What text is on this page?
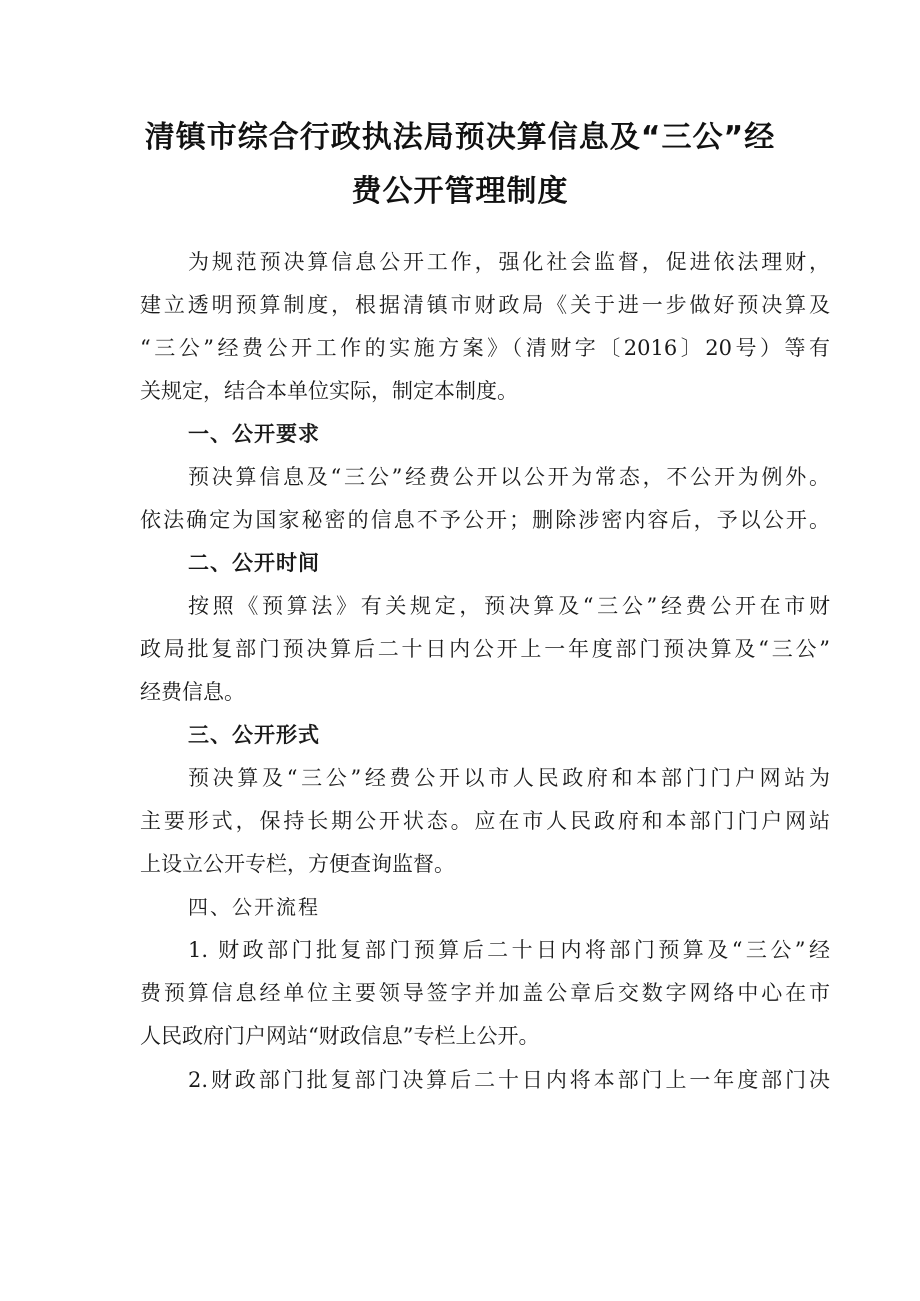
清镇市综合行政执法局预决算信息及“三公”经
费公开管理制度
为规范预决算信息公开工作，强化社会监督，促进依法理财，
建立透明预算制度，根据清镇市财政局《关于进一步做好预决算及
“三公”经费公开工作的实施方案》（清财字〔2016〕20号）等有
关规定，结合本单位实际，制定本制度。
一、公开要求
预决算信息及“三公”经费公开以公开为常态，不公开为例外。
依法确定为国家秘密的信息不予公开；删除涉密内容后，予以公开。
二、公开时间
按照《预算法》有关规定，预决算及“三公”经费公开在市财
政局批复部门预决算后二十日内公开上一年度部门预决算及“三公”
经费信息。
三、公开形式
预决算及“三公”经费公开以市人民政府和本部门门户网站为
主要形式，保持长期公开状态。应在市人民政府和本部门门户网站
上设立公开专栏，方便查询监督。
四、公开流程
1. 财政部门批复部门预算后二十日内将部门预算及“三公”经
费预算信息经单位主要领导签字并加盖公章后交数字网络中心在市
人民政府门户网站“财政信息”专栏上公开。
2.财政部门批复部门决算后二十日内将本部门上一年度部门决
